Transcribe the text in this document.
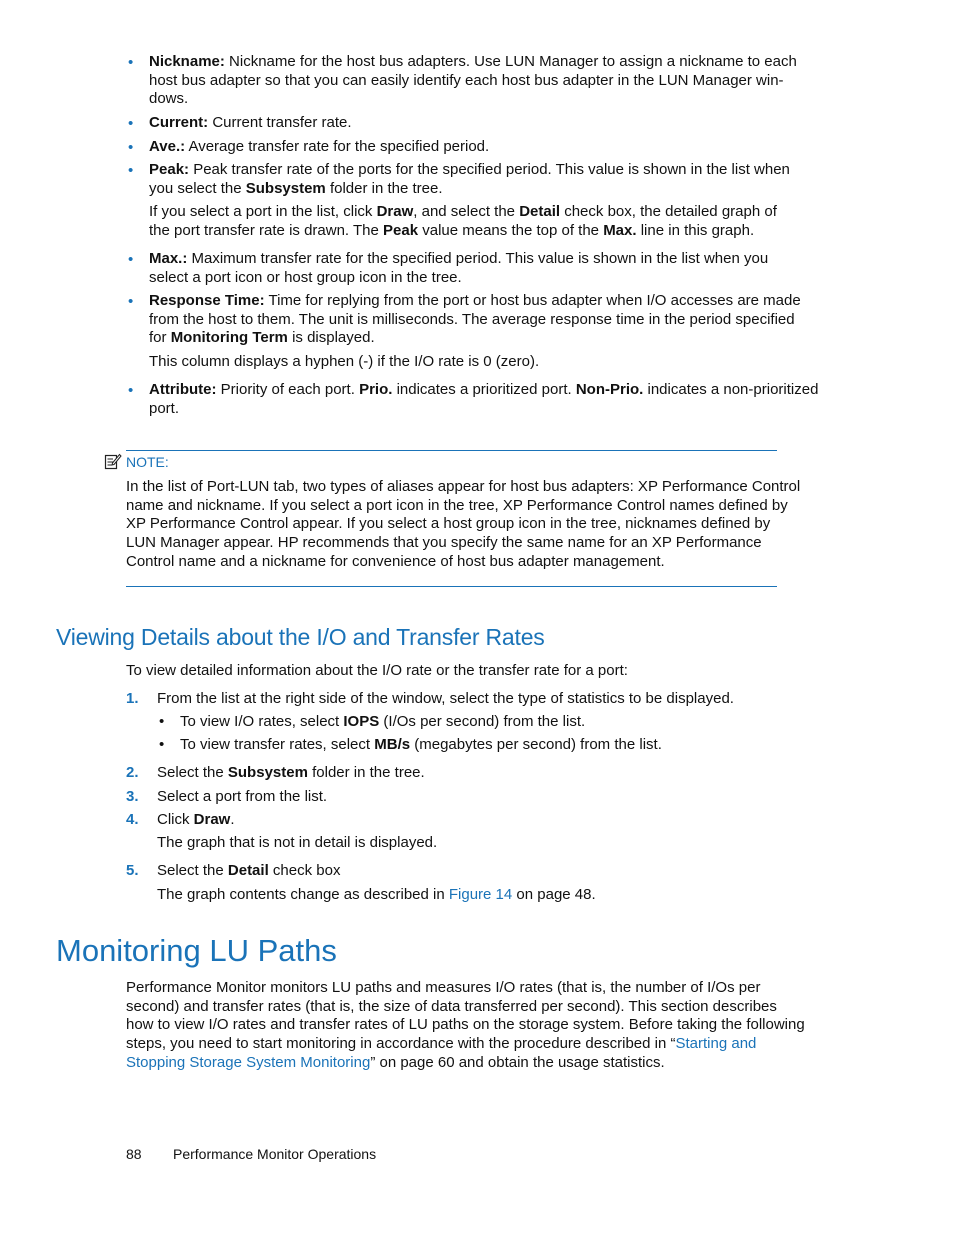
• Nickname: Nickname for the host bus adapters. Use LUN Manager to assign a nickname to each
host bus adapter so that you can easily identify each host bus adapter in the LUN Manager win-
dows.
• Current: Current transfer rate.
• Ave.: Average transfer rate for the specified period.
• Peak: Peak transfer rate of the ports for the specified period. This value is shown in the list when
you select the Subsystem folder in the tree.
If you select a port in the list, click Draw, and select the Detail check box, the detailed graph of
the port transfer rate is drawn. The Peak value means the top of the Max. line in this graph.
• Max.: Maximum transfer rate for the specified period. This value is shown in the list when you
select a port icon or host group icon in the tree.
• Response Time: Time for replying from the port or host bus adapter when I/O accesses are made
from the host to them. The unit is milliseconds. The average response time in the period specified
for Monitoring Term is displayed.
This column displays a hyphen (-) if the I/O rate is 0 (zero).
• Attribute: Priority of each port. Prio. indicates a prioritized port. Non-Prio. indicates a non-prioritized
port.
NOTE:
In the list of Port-LUN tab, two types of aliases appear for host bus adapters: XP Performance Control
name and nickname. If you select a port icon in the tree, XP Performance Control names defined by
XP Performance Control appear. If you select a host group icon in the tree, nicknames defined by
LUN Manager appear. HP recommends that you specify the same name for an XP Performance
Control name and a nickname for convenience of host bus adapter management.
Viewing Details about the I/O and Transfer Rates
To view detailed information about the I/O rate or the transfer rate for a port:
1. From the list at the right side of the window, select the type of statistics to be displayed.
• To view I/O rates, select IOPS (I/Os per second) from the list.
• To view transfer rates, select MB/s (megabytes per second) from the list.
2. Select the Subsystem folder in the tree.
3. Select a port from the list.
4. Click Draw.
The graph that is not in detail is displayed.
5. Select the Detail check box
The graph contents change as described in Figure 14 on page 48.
Monitoring LU Paths
Performance Monitor monitors LU paths and measures I/O rates (that is, the number of I/Os per
second) and transfer rates (that is, the size of data transferred per second). This section describes
how to view I/O rates and transfer rates of LU paths on the storage system. Before taking the following
steps, you need to start monitoring in accordance with the procedure described in “Starting and
Stopping Storage System Monitoring” on page 60 and obtain the usage statistics.
88 Performance Monitor Operations
